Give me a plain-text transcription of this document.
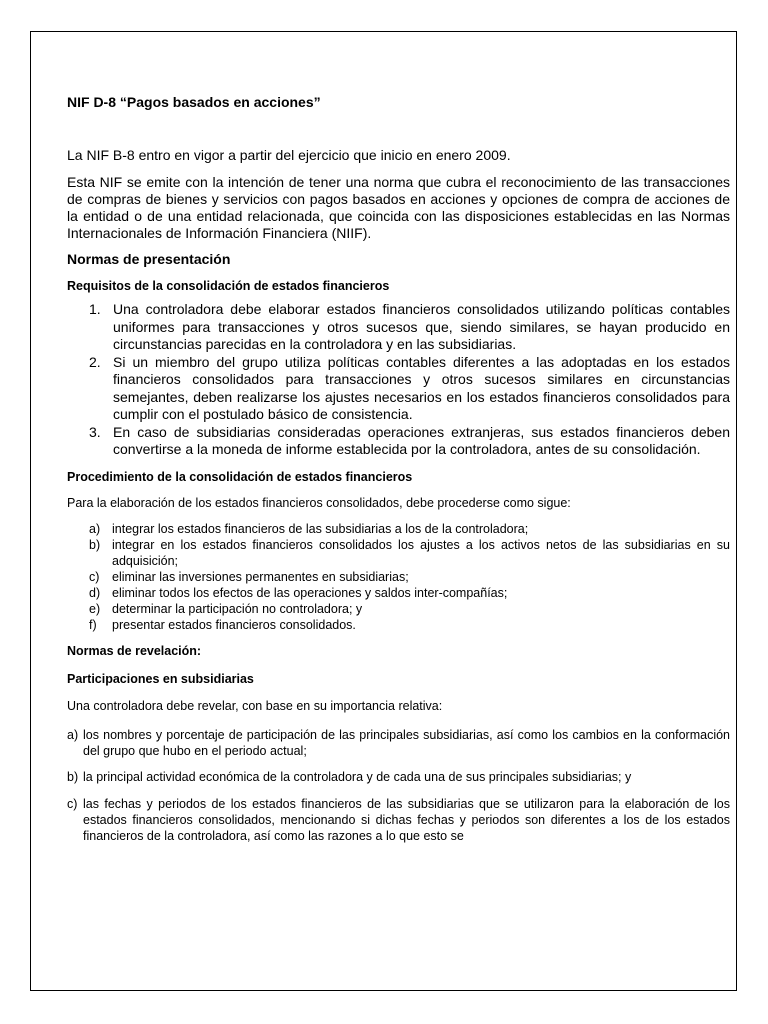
NIF D-8 “Pagos basados en acciones”

La NIF B-8 entro en vigor a partir del ejercicio que inicio en enero 2009.

Esta NIF se emite con la intención de tener una norma que cubra el reconocimiento de las transacciones de compras de bienes y servicios con pagos basados en acciones y opciones de compra de acciones de la entidad o de una entidad relacionada, que coincida con las disposiciones establecidas en las Normas Internacionales de Información Financiera (NIIF).

Normas de presentación
Requisitos de la consolidación de estados financieros
1. Una controladora debe elaborar estados financieros consolidados utilizando políticas contables uniformes para transacciones y otros sucesos que, siendo similares, se hayan producido en circunstancias parecidas en la controladora y en las subsidiarias.
2. Si un miembro del grupo utiliza políticas contables diferentes a las adoptadas en los estados financieros consolidados para transacciones y otros sucesos similares en circunstancias semejantes, deben realizarse los ajustes necesarios en los estados financieros consolidados para cumplir con el postulado básico de consistencia.
3. En caso de subsidiarias consideradas operaciones extranjeras, sus estados financieros deben convertirse a la moneda de informe establecida por la controladora, antes de su consolidación.
Procedimiento de la consolidación de estados financieros

Para la elaboración de los estados financieros consolidados, debe procederse como sigue:

a) integrar los estados financieros de las subsidiarias a los de la controladora;
b) integrar en los estados financieros consolidados los ajustes a los activos netos de las subsidiarias en su adquisición;
c) eliminar las inversiones permanentes en subsidiarias;
d) eliminar todos los efectos de las operaciones y saldos inter-compañías;
e) determinar la participación no controladora; y
f) presentar estados financieros consolidados.
Normas de revelación:
Participaciones en subsidiarias

Una controladora debe revelar, con base en su importancia relativa:

a) los nombres y porcentaje de participación de las principales subsidiarias, así como los cambios en la conformación del grupo que hubo en el periodo actual;
b) la principal actividad económica de la controladora y de cada una de sus principales subsidiarias; y
c) las fechas y periodos de los estados financieros de las subsidiarias que se utilizaron para la elaboración de los estados financieros consolidados, mencionando si dichas fechas y periodos son diferentes a los de los estados financieros de la controladora, así como las razones a lo que esto se
